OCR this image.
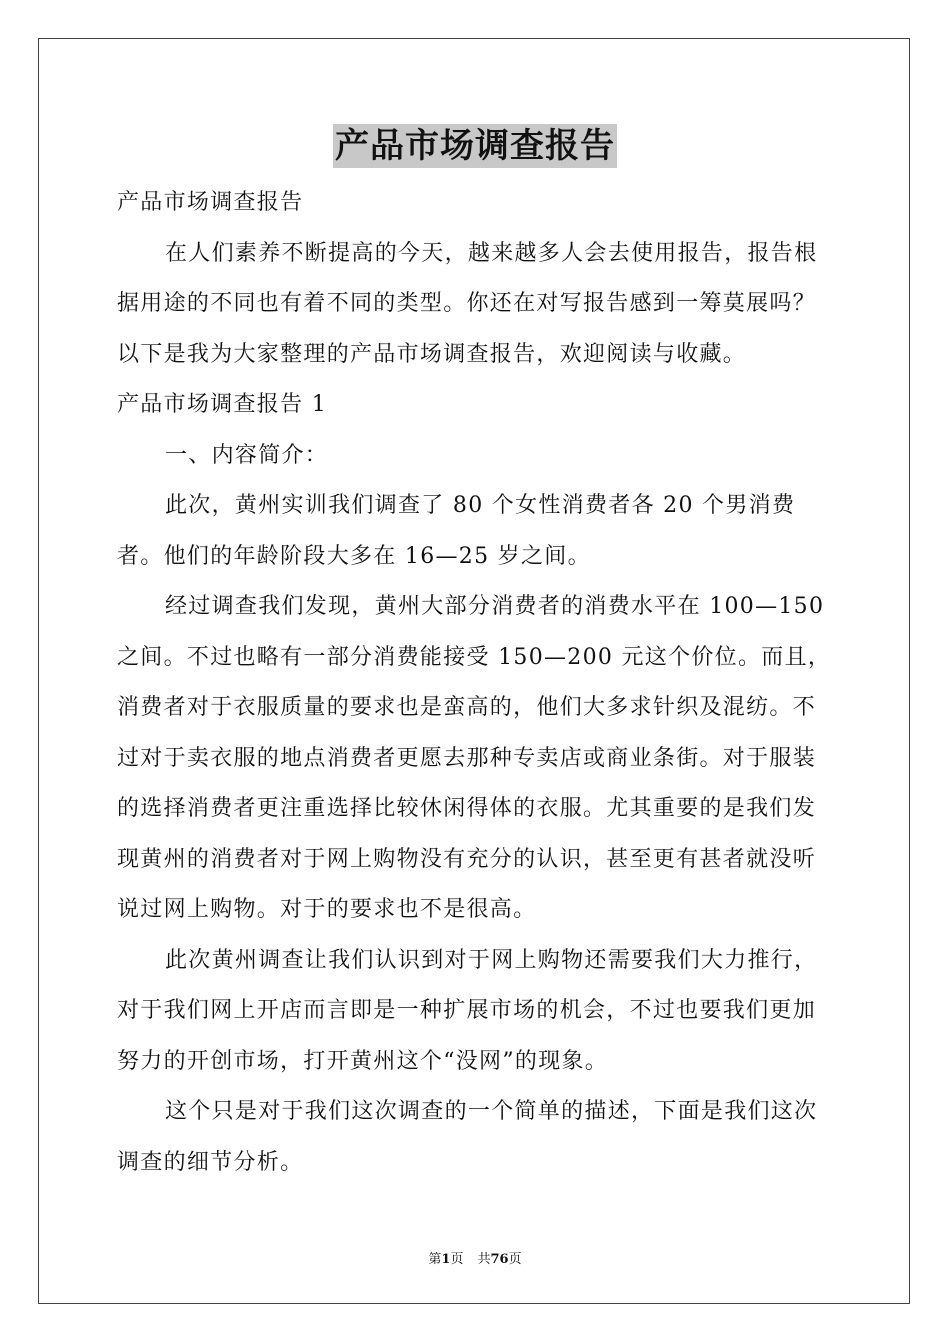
产品市场调查报告

产品市场调查报告

在人们素养不断提高的今天，越来越多人会去使用报告，报告根据用途的不同也有着不同的类型。你还在对写报告感到一筹莫展吗？以下是我为大家整理的产品市场调查报告，欢迎阅读与收藏。

产品市场调查报告 1

一、内容简介：

此次，黄州实训我们调查了 80 个女性消费者各 20 个男消费者。他们的年龄阶段大多在 16—25 岁之间。

经过调查我们发现，黄州大部分消费者的消费水平在 100—150之间。不过也略有一部分消费能接受 150—200 元这个价位。而且，消费者对于衣服质量的要求也是蛮高的，他们大多求针织及混纺。不过对于卖衣服的地点消费者更愿去那种专卖店或商业条街。对于服装的选择消费者更注重选择比较休闲得体的衣服。尤其重要的是我们发现黄州的消费者对于网上购物没有充分的认识，甚至更有甚者就没听说过网上购物。对于的要求也不是很高。

此次黄州调查让我们认识到对于网上购物还需要我们大力推行，对于我们网上开店而言即是一种扩展市场的机会，不过也要我们更加努力的开创市场，打开黄州这个“没网”的现象。

这个只是对于我们这次调查的一个简单的描述，下面是我们这次调查的细节分析。

第1页 共76页
